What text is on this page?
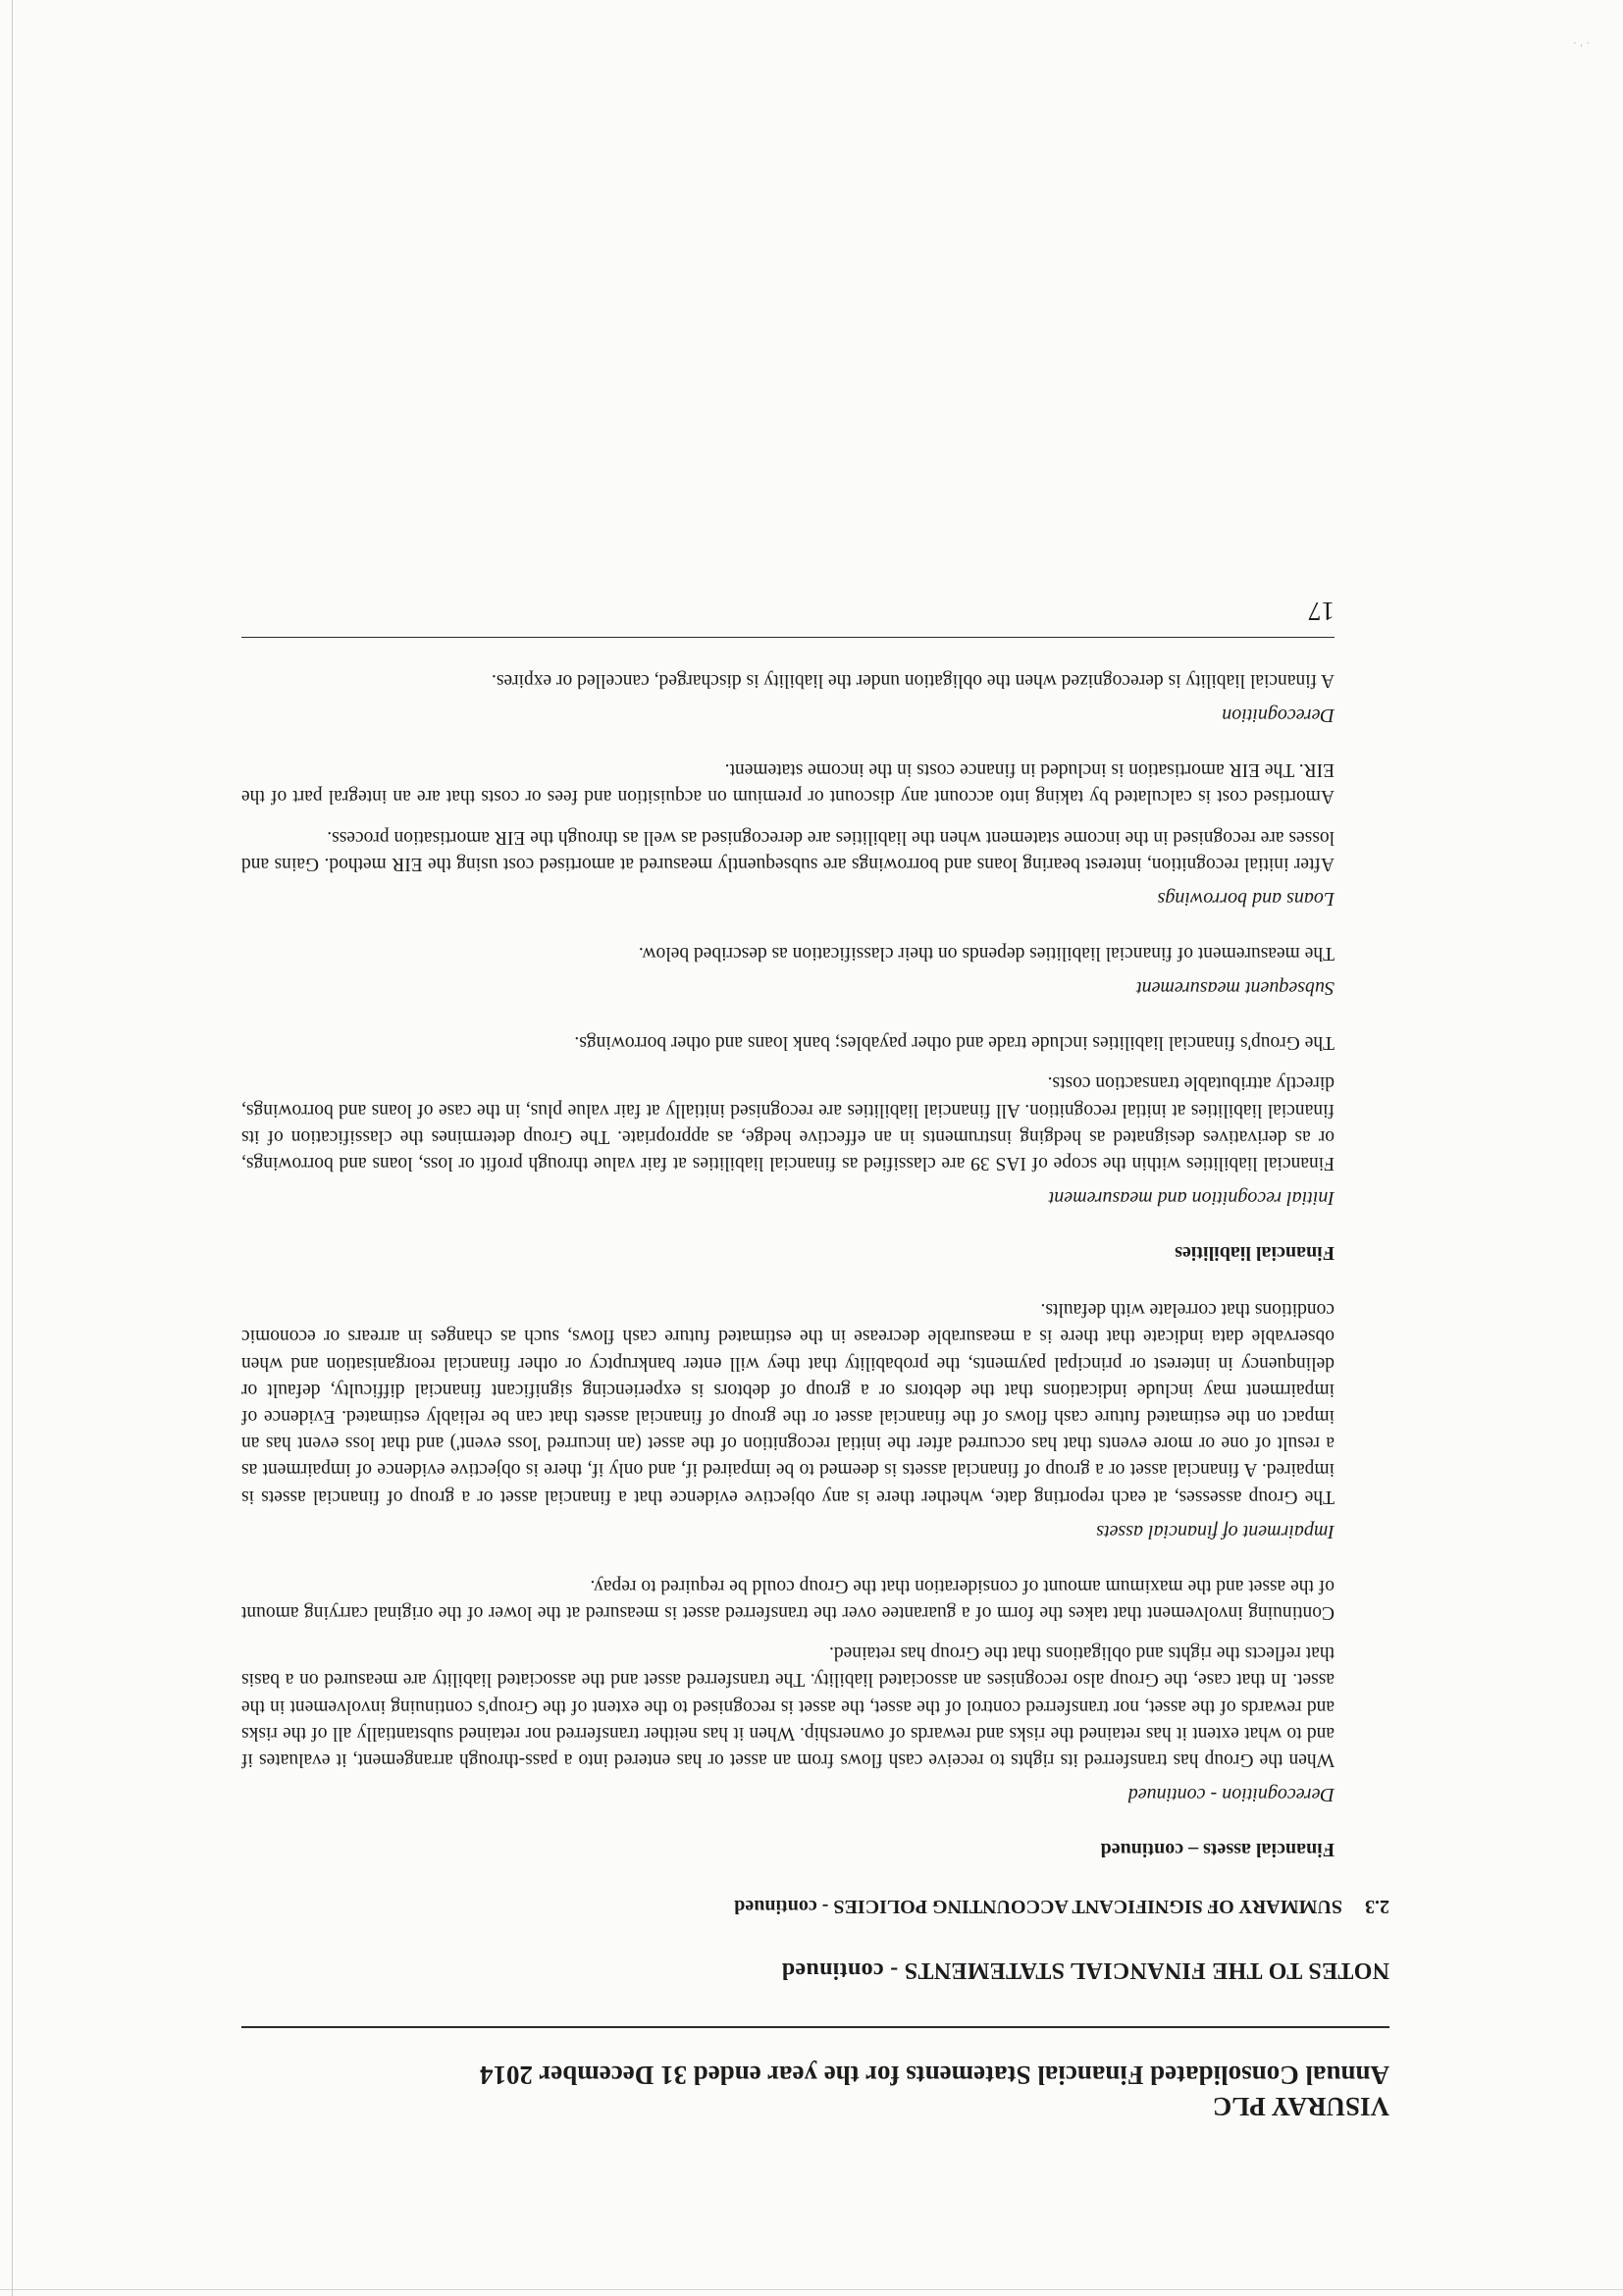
VISURAY PLC
Annual Consolidated Financial Statements for the year ended 31 December 2014
NOTES TO THE FINANCIAL STATEMENTS - continued
2.3
SUMMARY OF SIGNIFICANT ACCOUNTING POLICIES - continued
Financial assets – continued
Derecognition - continued

When the Group has transferred its rights to receive cash flows from an asset or has entered into a pass-through arrangement, it evaluates if and to what extent it has retained the risks and rewards of ownership. When it has neither transferred nor retained substantially all of the risks and rewards of the asset, nor transferred control of the asset, the asset is recognised to the extent of the Group's continuing involvement in the asset. In that case, the Group also recognises an associated liability. The transferred asset and the associated liability are measured on a basis that reflects the rights and obligations that the Group has retained.

Continuing involvement that takes the form of a guarantee over the transferred asset is measured at the lower of the original carrying amount of the asset and the maximum amount of consideration that the Group could be required to repay.

Impairment of financial assets

The Group assesses, at each reporting date, whether there is any objective evidence that a financial asset or a group of financial assets is impaired. A financial asset or a group of financial assets is deemed to be impaired if, and only if, there is objective evidence of impairment as a result of one or more events that has occurred after the initial recognition of the asset (an incurred 'loss event') and that loss event has an impact on the estimated future cash flows of the financial asset or the group of financial assets that can be reliably estimated. Evidence of impairment may include indications that the debtors or a group of debtors is experiencing significant financial difficulty, default or delinquency in interest or principal payments, the probability that they will enter bankruptcy or other financial reorganisation and when observable data indicate that there is a measurable decrease in the estimated future cash flows, such as changes in arrears or economic conditions that correlate with defaults.

Financial liabilities
Initial recognition and measurement

Financial liabilities within the scope of IAS 39 are classified as financial liabilities at fair value through profit or loss, loans and borrowings, or as derivatives designated as hedging instruments in an effective hedge, as appropriate. The Group determines the classification of its financial liabilities at initial recognition. All financial liabilities are recognised initially at fair value plus, in the case of loans and borrowings, directly attributable transaction costs.

The Group's financial liabilities include trade and other payables; bank loans and other borrowings.

Subsequent measurement

The measurement of financial liabilities depends on their classification as described below.

Loans and borrowings

After initial recognition, interest bearing loans and borrowings are subsequently measured at amortised cost using the EIR method. Gains and losses are recognised in the income statement when the liabilities are derecognised as well as through the EIR amortisation process.

Amortised cost is calculated by taking into account any discount or premium on acquisition and fees or costs that are an integral part of the EIR. The EIR amortisation is included in finance costs in the income statement.

Derecognition

A financial liability is derecognized when the obligation under the liability is discharged, cancelled or expires.

17
· ˈ ·
